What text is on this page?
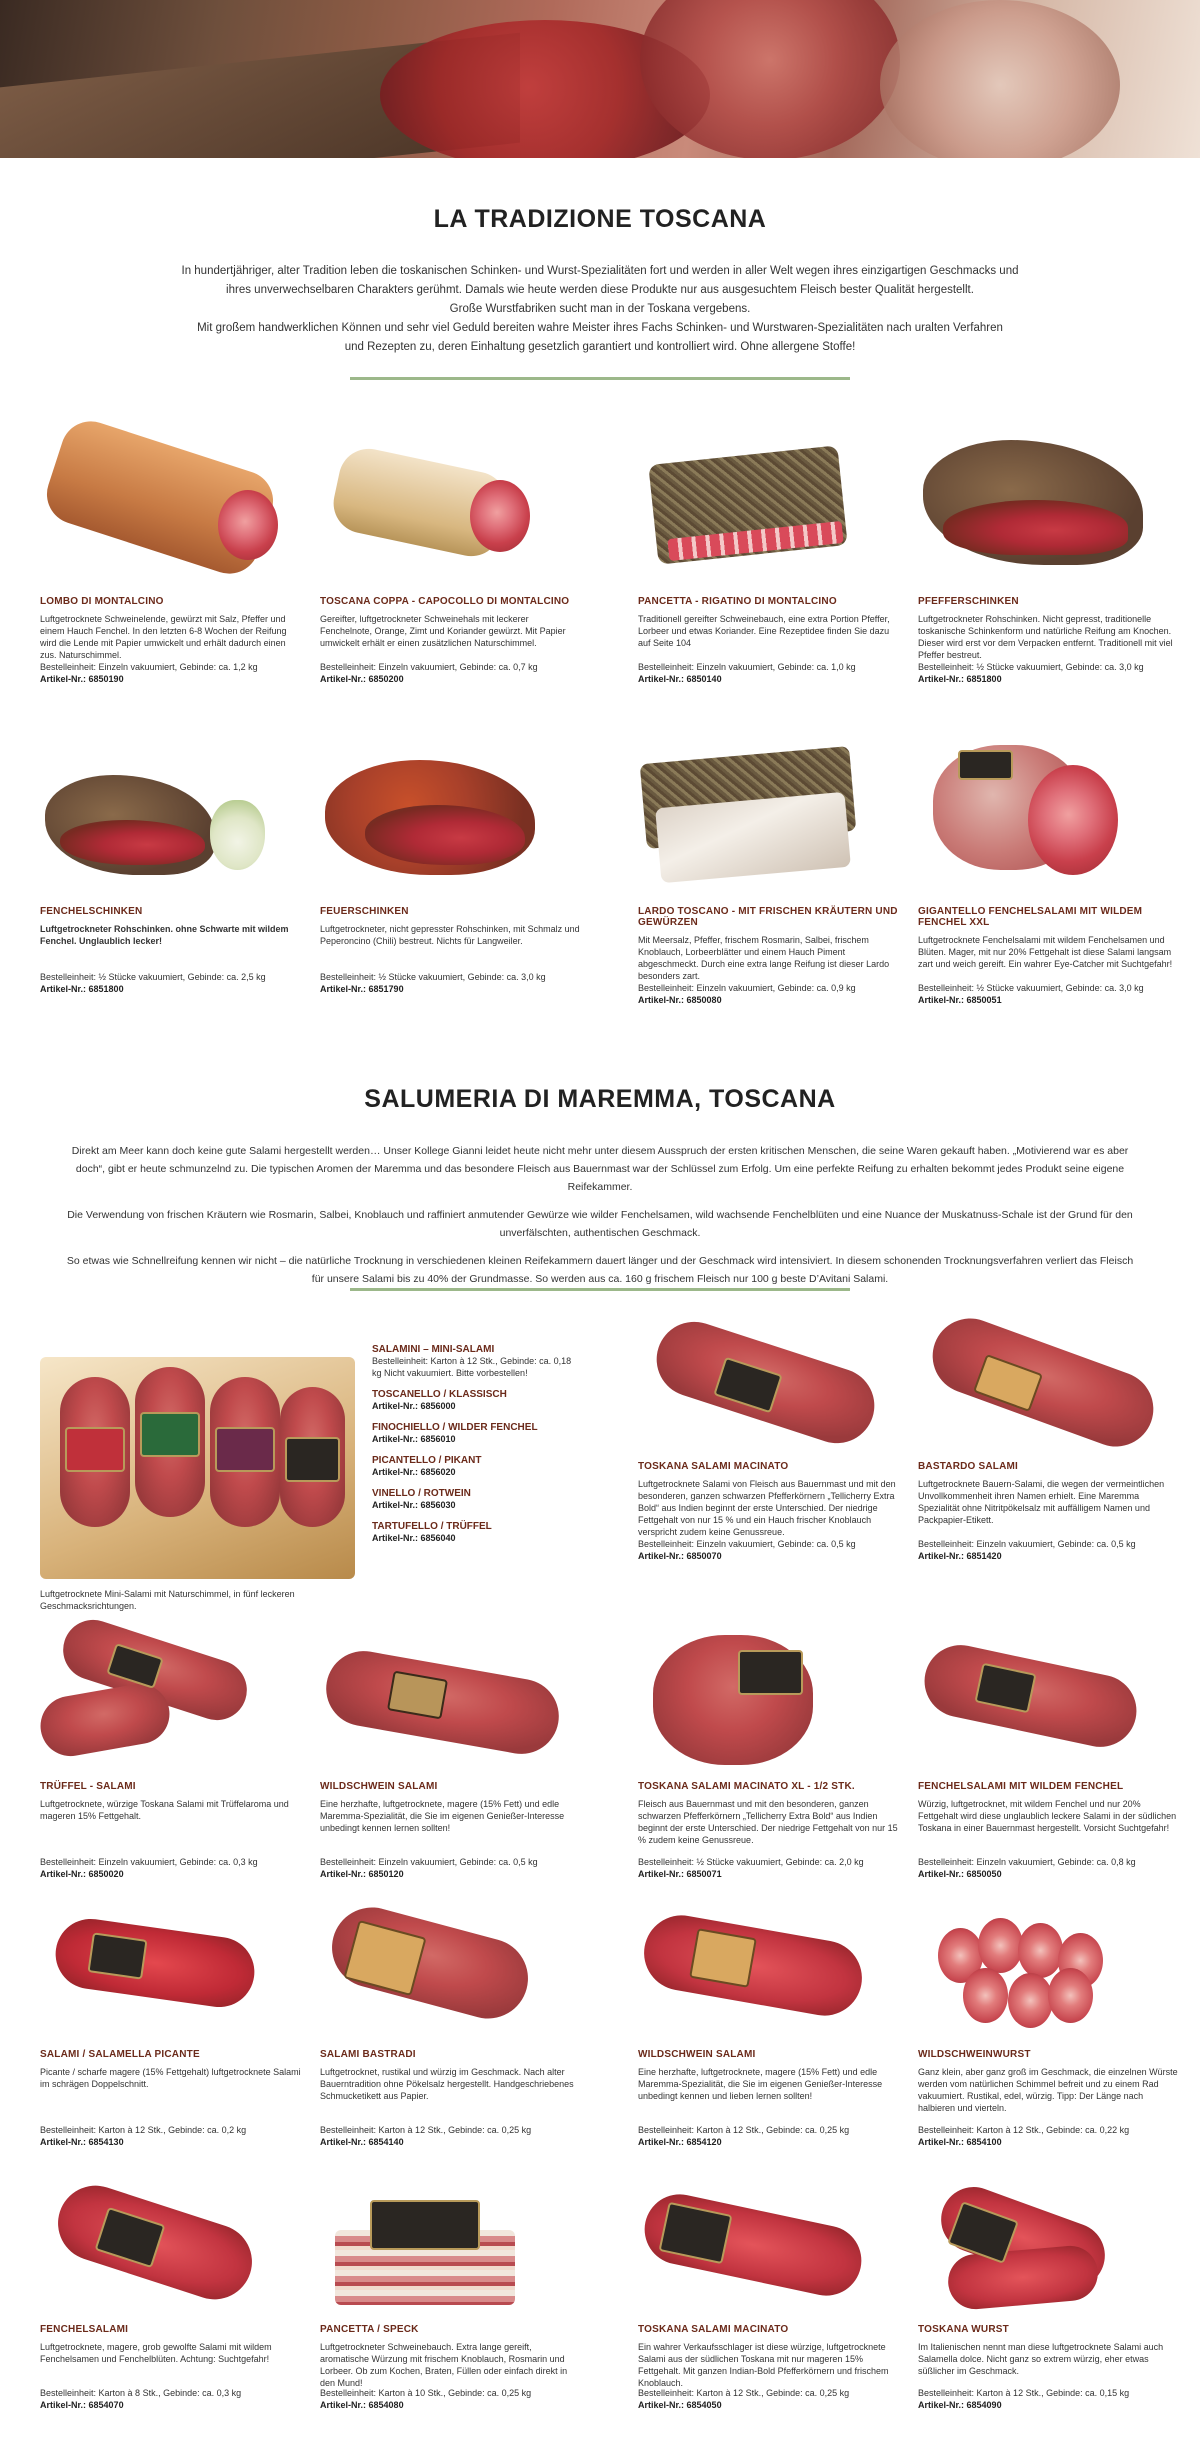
LA TRADIZIONE TOSCANA
In hundertjähriger, alter Tradition leben die toskanischen Schinken- und Wurst-Spezialitäten fort und werden in aller Welt wegen ihres einzigartigen Geschmacks und
ihres unverwechselbaren Charakters gerühmt. Damals wie heute werden diese Produkte nur aus ausgesuchtem Fleisch bester Qualität hergestellt.
Große Wurstfabriken sucht man in der Toskana vergebens.
Mit großem handwerklichen Können und sehr viel Geduld bereiten wahre Meister ihres Fachs Schinken- und Wurstwaren-Spezialitäten nach uralten Verfahren
und Rezepten zu, deren Einhaltung gesetzlich garantiert und kontrolliert wird. Ohne allergene Stoffe!
LOMBO DI MONTALCINO
Luftgetrocknete Schweinelende, gewürzt mit Salz, Pfeffer und einem Hauch Fenchel. In den letzten 6-8 Wochen der Reifung wird die Lende mit Papier umwickelt und erhält dadurch einen zus. Naturschimmel.
Bestelleinheit: Einzeln vakuumiert, Gebinde: ca. 1,2 kg
Artikel-Nr.: 6850190
TOSCANA COPPA - CAPOCOLLO DI MONTALCINO
Gereifter, luftgetrockneter Schweinehals mit leckerer Fenchelnote, Orange, Zimt und Koriander gewürzt. Mit Papier umwickelt erhält er einen zusätzlichen Naturschimmel.
Bestelleinheit: Einzeln vakuumiert, Gebinde: ca. 0,7 kg
Artikel-Nr.: 6850200
PANCETTA - RIGATINO DI MONTALCINO
Traditionell gereifter Schweinebauch, eine extra Portion Pfeffer, Lorbeer und etwas Koriander. Eine Rezeptidee finden Sie dazu auf Seite 104
Bestelleinheit: Einzeln vakuumiert, Gebinde: ca. 1,0 kg
Artikel-Nr.: 6850140
PFEFFERSCHINKEN
Luftgetrockneter Rohschinken. Nicht gepresst, traditionelle toskanische Schinkenform und natürliche Reifung am Knochen. Dieser wird erst vor dem Verpacken entfernt. Traditionell mit viel Pfeffer bestreut.
Bestelleinheit: ½ Stücke vakuumiert, Gebinde: ca. 3,0 kg
Artikel-Nr.: 6851800
FENCHELSCHINKEN
Luftgetrockneter Rohschinken. ohne Schwarte mit wildem Fenchel. Unglaublich lecker!
Bestelleinheit: ½ Stücke vakuumiert, Gebinde: ca. 2,5 kg
Artikel-Nr.: 6851800
FEUERSCHINKEN
Luftgetrockneter, nicht gepresster Rohschinken, mit Schmalz und Peperoncino (Chili) bestreut. Nichts für Langweiler.
Bestelleinheit: ½ Stücke vakuumiert, Gebinde: ca. 3,0 kg
Artikel-Nr.: 6851790
LARDO TOSCANO - MIT FRISCHEN KRÄUTERN UND GEWÜRZEN
Mit Meersalz, Pfeffer, frischem Rosmarin, Salbei, frischem Knoblauch, Lorbeerblätter und einem Hauch Piment abgeschmeckt. Durch eine extra lange Reifung ist dieser Lardo besonders zart.
Bestelleinheit: Einzeln vakuumiert, Gebinde: ca. 0,9 kg
Artikel-Nr.: 6850080
GIGANTELLO FENCHELSALAMI MIT WILDEM FENCHEL XXL
Luftgetrocknete Fenchelsalami mit wildem Fenchelsamen und Blüten. Mager, mit nur 20% Fettgehalt ist diese Salami langsam zart und weich gereift. Ein wahrer Eye-Catcher mit Suchtgefahr!
Bestelleinheit: ½ Stücke vakuumiert, Gebinde: ca. 3,0 kg
Artikel-Nr.: 6850051
SALUMERIA DI MAREMMA, TOSCANA

Direkt am Meer kann doch keine gute Salami hergestellt werden… Unser Kollege Gianni leidet heute nicht mehr unter diesem Ausspruch der ersten kritischen Menschen, die seine Waren gekauft haben. „Motivierend war es aber doch“, gibt er heute schmunzelnd zu. Die typischen Aromen der Maremma und das besondere Fleisch aus Bauernmast war der Schlüssel zum Erfolg. Um eine perfekte Reifung zu erhalten bekommt jedes Produkt seine eigene Reifekammer.

Die Verwendung von frischen Kräutern wie Rosmarin, Salbei, Knoblauch und raffiniert anmutender Gewürze wie wilder Fenchelsamen, wild wachsende Fenchelblüten und eine Nuance der Muskatnuss-Schale ist der Grund für den unverfälschten, authentischen Geschmack.

So etwas wie Schnellreifung kennen wir nicht – die natürliche Trocknung in verschiedenen kleinen Reifekammern dauert länger und der Geschmack wird intensiviert. In diesem schonenden Trocknungsverfahren verliert das Fleisch für unsere Salami bis zu 40% der Grundmasse. So werden aus ca. 160 g frischem Fleisch nur 100 g beste D’Avitani Salami.

Luftgetrocknete Mini-Salami mit Naturschimmel, in fünf leckeren Geschmacksrichtungen.
SALAMINI – MINI-SALAMI
Bestelleinheit: Karton à 12 Stk., Gebinde: ca. 0,18 kg Nicht vakuumiert. Bitte vorbestellen!
TOSCANELLO / KLASSISCH
Artikel-Nr.: 6856000
FINOCHIELLO / WILDER FENCHEL
Artikel-Nr.: 6856010
PICANTELLO / PIKANT
Artikel-Nr.: 6856020
VINELLO / ROTWEIN
Artikel-Nr.: 6856030
TARTUFELLO / TRÜFFEL
Artikel-Nr.: 6856040
TOSKANA SALAMI MACINATO
Luftgetrocknete Salami von Fleisch aus Bauernmast und mit den besonderen, ganzen schwarzen Pfefferkörnern „Tellicherry Extra Bold“ aus Indien beginnt der erste Unterschied. Der niedrige Fettgehalt von nur 15 % und ein Hauch frischer Knoblauch verspricht zudem keine Genussreue.
Bestelleinheit: Einzeln vakuumiert, Gebinde: ca. 0,5 kg
Artikel-Nr.: 6850070
BASTARDO SALAMI
Luftgetrocknete Bauern-Salami, die wegen der vermeintlichen Unvollkommenheit ihren Namen erhielt. Eine Maremma Spezialität ohne Nitritpökelsalz mit auffälligem Namen und Packpapier-Etikett.
Bestelleinheit: Einzeln vakuumiert, Gebinde: ca. 0,5 kg
Artikel-Nr.: 6851420
TRÜFFEL - SALAMI
Luftgetrocknete, würzige Toskana Salami mit Trüffelaroma und mageren 15% Fettgehalt.
Bestelleinheit: Einzeln vakuumiert, Gebinde: ca. 0,3 kg
Artikel-Nr.: 6850020
WILDSCHWEIN SALAMI
Eine herzhafte, luftgetrocknete, magere (15% Fett) und edle Maremma-Spezialität, die Sie im eigenen Genießer-Interesse unbedingt kennen lernen sollten!
Bestelleinheit: Einzeln vakuumiert, Gebinde: ca. 0,5 kg
Artikel-Nr.: 6850120
TOSKANA SALAMI MACINATO XL - 1/2 STK.
Fleisch aus Bauernmast und mit den besonderen, ganzen schwarzen Pfefferkörnern „Tellicherry Extra Bold“ aus Indien beginnt der erste Unterschied. Der niedrige Fettgehalt von nur 15 % zudem keine Genussreue.
Bestelleinheit: ½ Stücke vakuumiert, Gebinde: ca. 2,0 kg
Artikel-Nr.: 6850071
FENCHELSALAMI MIT WILDEM FENCHEL
Würzig, luftgetrocknet, mit wildem Fenchel und nur 20% Fettgehalt wird diese unglaublich leckere Salami in der südlichen Toskana in einer Bauernmast hergestellt. Vorsicht Suchtgefahr!
Bestelleinheit: Einzeln vakuumiert, Gebinde: ca. 0,8 kg
Artikel-Nr.: 6850050
SALAMI / SALAMELLA PICANTE
Picante / scharfe magere (15% Fettgehalt) luftgetrocknete Salami im schrägen Doppelschnitt.
Bestelleinheit: Karton à 12 Stk., Gebinde: ca. 0,2 kg
Artikel-Nr.: 6854130
SALAMI BASTRADI
Luftgetrocknet, rustikal und würzig im Geschmack. Nach alter Bauerntradition ohne Pökelsalz hergestellt. Handgeschriebenes Schmucketikett aus Papier.
Bestelleinheit: Karton à 12 Stk., Gebinde: ca. 0,25 kg
Artikel-Nr.: 6854140
WILDSCHWEIN SALAMI
Eine herzhafte, luftgetrocknete, magere (15% Fett) und edle Maremma-Spezialität, die Sie im eigenen Genießer-Interesse unbedingt kennen und lieben lernen sollten!
Bestelleinheit: Karton à 12 Stk., Gebinde: ca. 0,25 kg
Artikel-Nr.: 6854120
WILDSCHWEINWURST
Ganz klein, aber ganz groß im Geschmack, die einzelnen Würste werden vom natürlichen Schimmel befreit und zu einem Rad vakuumiert. Rustikal, edel, würzig. Tipp: Der Länge nach halbieren und vierteln.
Bestelleinheit: Karton à 12 Stk., Gebinde: ca. 0,22 kg
Artikel-Nr.: 6854100
FENCHELSALAMI
Luftgetrocknete, magere, grob gewolfte Salami mit wildem Fenchelsamen und Fenchelblüten. Achtung: Suchtgefahr!
Bestelleinheit: Karton à 8 Stk., Gebinde: ca. 0,3 kg
Artikel-Nr.: 6854070
PANCETTA / SPECK
Luftgetrockneter Schweinebauch. Extra lange gereift, aromatische Würzung mit frischem Knoblauch, Rosmarin und Lorbeer. Ob zum Kochen, Braten, Füllen oder einfach direkt in den Mund!
Bestelleinheit: Karton à 10 Stk., Gebinde: ca. 0,25 kg
Artikel-Nr.: 6854080
TOSKANA SALAMI MACINATO
Ein wahrer Verkaufsschlager ist diese würzige, luftgetrocknete Salami aus der südlichen Toskana mit nur mageren 15% Fettgehalt. Mit ganzen Indian-Bold Pfefferkörnern und frischem Knoblauch.
Bestelleinheit: Karton à 12 Stk., Gebinde: ca. 0,25 kg
Artikel-Nr.: 6854050
TOSKANA WURST
Im Italienischen nennt man diese luftgetrocknete Salami auch Salamella dolce. Nicht ganz so extrem würzig, eher etwas süßlicher im Geschmack.
Bestelleinheit: Karton à 12 Stk., Gebinde: ca. 0,15 kg
Artikel-Nr.: 6854090
